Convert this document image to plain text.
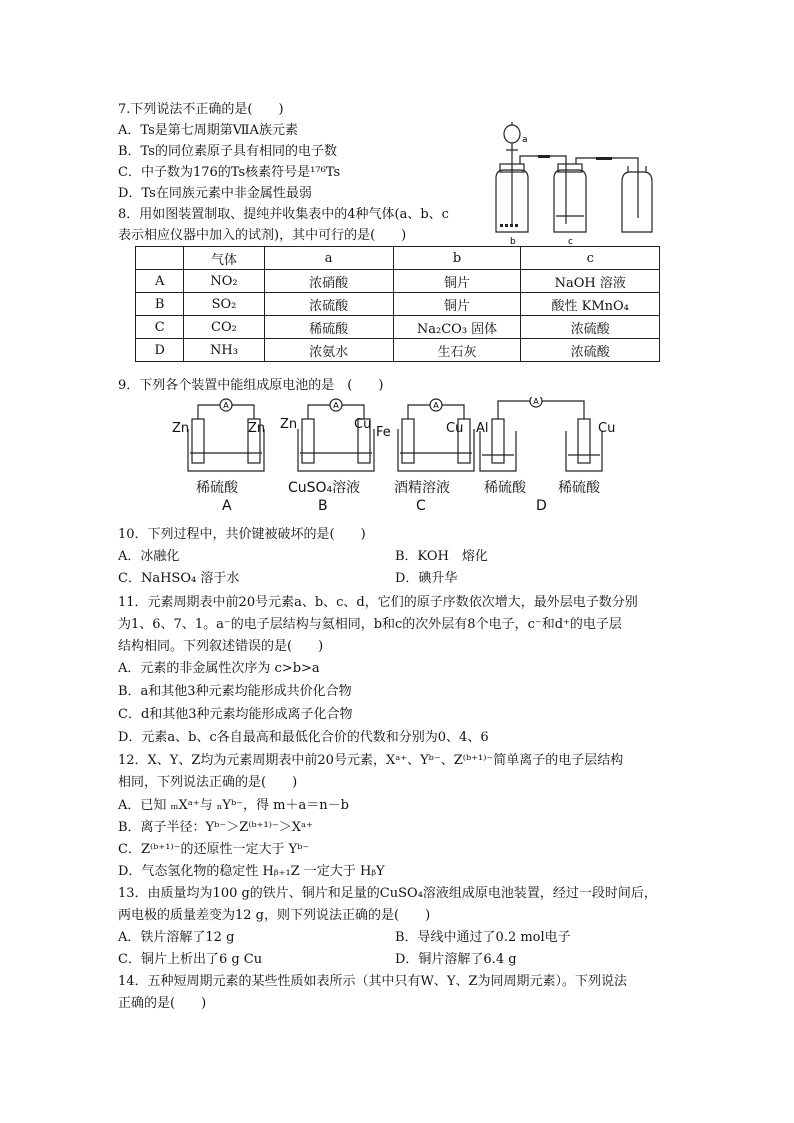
7.下列说法不正确的是(　　)
A．Ts是第七周期第ⅦA族元素
B．Ts的同位素原子具有相同的电子数
C．中子数为176的Ts核素符号是¹⁷⁶Ts
D．Ts在同族元素中非金属性最弱
a
b	c
8．用如图装置制取、提纯并收集表中的4种气体(a、b、c
表示相应仪器中加入的试剂)，其中可行的是(　　)
	气体	a	b	c
A	NO₂	浓硝酸	铜片	NaOH 溶液
B	SO₂	浓硫酸	铜片	酸性 KMnO₄
C	CO₂	稀硫酸	Na₂CO₃ 固体	浓硫酸
D	NH₃	浓氨水	生石灰	浓硫酸
9．下列各个装置中能组成原电池的是　(　　)
A	A	A	A
Zn	Zn Zn	Cu
Fe	Cu Al	Cu
稀硫酸	CuSO₄溶液 酒精溶液 稀硫酸 稀硫酸
A	B	C	D
10．下列过程中，共价键被破坏的是(　　)
A．冰融化	B．KOH　熔化
C．NaHSO₄ 溶于水	D．碘升华
11．元素周期表中前20号元素a、b、c、d，它们的原子序数依次增大，最外层电子数分别
为1、6、7、1。a⁻的电子层结构与氦相同，b和c的次外层有8个电子，c⁻和d⁺的电子层
结构相同。下列叙述错误的是(　　)
A．元素的非金属性次序为 c>b>a
B．a和其他3种元素均能形成共价化合物
C．d和其他3种元素均能形成离子化合物
D．元素a、b、c各自最高和最低化合价的代数和分别为0、4、6
12．X、Y、Z均为元素周期表中前20号元素，Xᵃ⁺、Yᵇ⁻、Z⁽ᵇ⁺¹⁾⁻简单离子的电子层结构
相同，下列说法正确的是(　　)
A．已知 ₘXᵃ⁺与 ₙYᵇ⁻，得 m＋a＝n－b
B．离子半径：Yᵇ⁻＞Z⁽ᵇ⁺¹⁾⁻＞Xᵃ⁺
C．Z⁽ᵇ⁺¹⁾⁻的还原性一定大于 Yᵇ⁻
D．气态氢化物的稳定性 Hᵦ₊₁Z 一定大于 HᵦY
13．由质量均为100 g的铁片、铜片和足量的CuSO₄溶液组成原电池装置，经过一段时间后，
两电极的质量差变为12 g，则下列说法正确的是(　　)
A．铁片溶解了12 g	B．导线中通过了0.2 mol电子
C．铜片上析出了6 g Cu	D．铜片溶解了6.4 g
14．五种短周期元素的某些性质如表所示（其中只有W、Y、Z为同周期元素）。下列说法
正确的是(　　)
